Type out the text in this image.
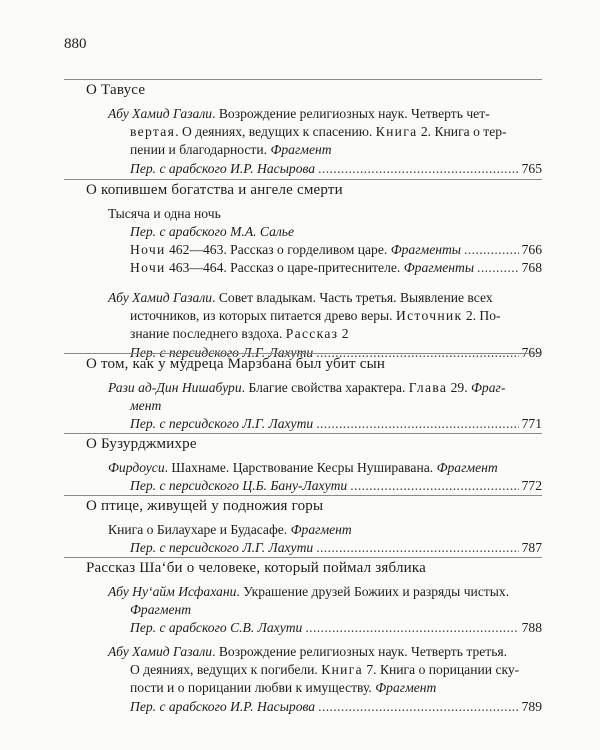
880
О Тавусе
Абу Хамид Газали. Возрождение религиозных наук. Четверть чет-
вертая. О деяниях, ведущих к спасению. Книга 2. Книга о тер-
пении и благодарности. Фрагмент
Пер. с арабского И.Р. Насырова . . .	765
О копившем богатства и ангеле смерти
Тысяча и одна ночь
Пер. с арабского М.А. Салье
Ночи 462—463. Рассказ о горделивом царе. Фрагменты . . .	766
Ночи 463—464. Рассказ о царе-притеснителе. Фрагменты . . .	768
Абу Хамид Газали. Совет владыкам. Часть третья. Выявление всех
источников, из которых питается древо веры. Источник 2. По-
знание последнего вздоха. Рассказ 2
Пер. с персидского Л.Г. Лахути . . .	769
О том, как у мудреца Марзбана был убит сын
Рази ад-Дин Нишабури. Благие свойства характера. Глава 29. Фраг-
мент
Пер. с персидского Л.Г. Лахути . . .	771
О Бузурджмихре
Фирдоуси. Шахнаме. Царствование Кесры Нуширавана. Фрагмент
Пер. с персидского Ц.Б. Бану-Лахути . . .	772
О птице, живущей у подножия горы
Книга о Билаухаре и Будасафе. Фрагмент
Пер. с персидского Л.Г. Лахути . . .	787
Рассказ Ша‘би о человеке, который поймал зяблика
Абу Ну‘айм Исфахани. Украшение друзей Божиих и разряды чистых.
Фрагмент
Пер. с арабского С.В. Лахути . . .	788
Абу Хамид Газали. Возрождение религиозных наук. Четверть третья.
О деяниях, ведущих к погибели. Книга 7. Книга о порицании ску-
пости и о порицании любви к имуществу. Фрагмент
Пер. с арабского И.Р. Насырова . . .	789
